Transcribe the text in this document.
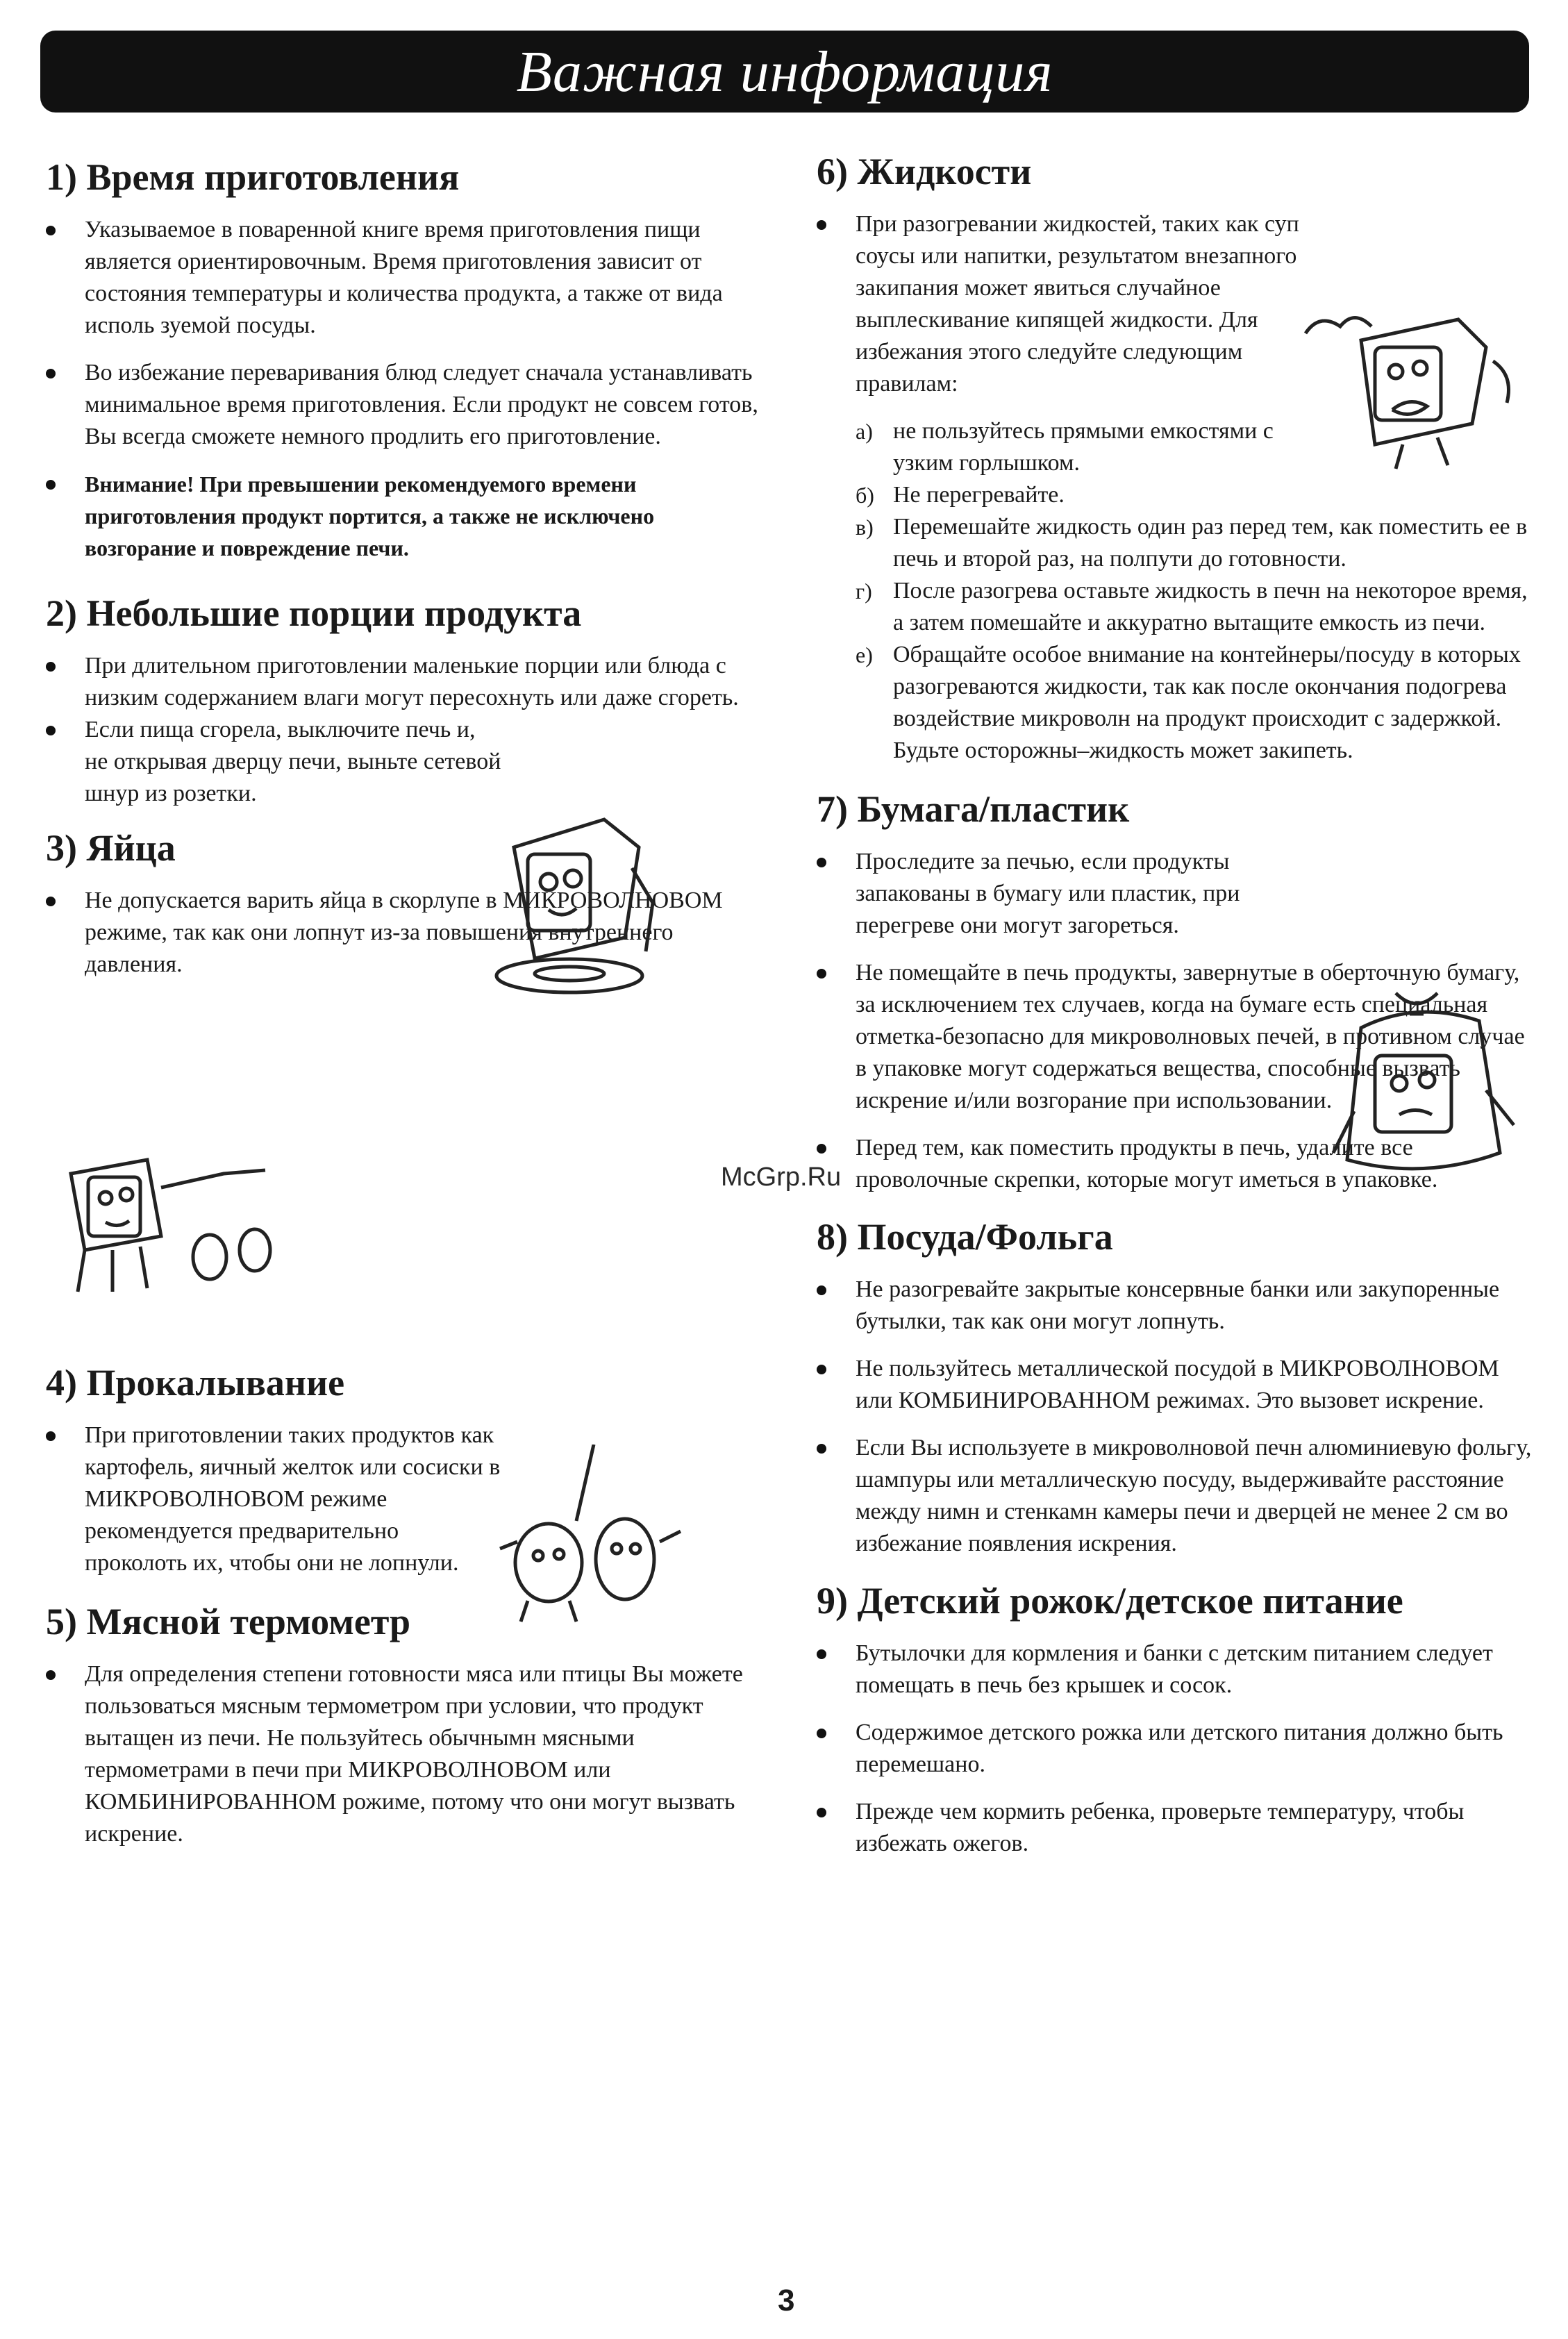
Важная информация
1) Время приготовления
Указываемое в поваренной книге время приготовления пищи является ориентировочным. Время приготовления зависит от состояния температуры и количества продукта, а также от вида исполь зуемой посуды.
Во избежание переваривания блюд следует сначала устанавливать минимальное время приготовления. Если продукт не совсем готов, Вы всегда сможете немного продлить его приготовление.
Внимание! При превышении рекомендуемого времени приготовления продукт портится, а также не исключено возгорание и повреждение печи.
2) Небольшие порции продукта
При длительном приготовлении маленькие порции или блюда с низким содержанием влаги могут пересохнуть или даже сгореть.
Если пища сгорела, выключите печь и, не открывая дверцу печи, выньте сетевой шнур из розетки.
3) Яйца
Не допускается варить яйца в скорлупе в МИКРОВОЛНОВОМ режиме, так как они лопнут из-за повышения внутреннего давления.
4) Прокалывание
При приготовлении таких продуктов как картофель, яичный желток или сосиски в МИКРОВОЛНОВОМ режиме рекомендуется предварительно проколоть их, чтобы они не лопнули.
5) Мясной термометр
Для определения степени готовности мяса или птицы Вы можете пользоваться мясным термометром при условии, что продукт вытащен из печи. Не пользуйтесь обычнымн мясными термометрами в печи при МИКРОВОЛНОВОМ или КОМБИНИРОВАННОМ рожиме, потому что они могут вызвать искрение.
6) Жидкости
При разогревании жидкостей, таких как суп соусы или напитки, результатом внезапного закипания может явиться случайное выплескивание кипящей жидкости. Для избежания этого следуйте следующим правилам:
а) не пользуйтесь прямыми емкостями с узким горлышком.
б) Не перегревайте.
в) Перемешайте жидкость один раз перед тем, как поместить ее в печь и второй раз, на полпути до готовности.
г) После разогрева оставьте жидкость в печн на некоторое время, а затем помешайте и аккуратно вытащите емкость из печи.
е) Обращайте особое внимание на контейнеры/посуду в которых разогреваются жидкости, так как после окончания подогрева воздействие микроволн на продукт происходит с задержкой. Будьте осторожны–жидкость может закипеть.
7) Бумага/пластик
Проследите за печью, если продукты запакованы в бумагу или пластик, при перегреве они могут загореться.
Не помещайте в печь продукты, завернутые в оберточную бумагу, за исключением тех случаев, когда на бумаге есть специальная отметка-безопасно для микроволновых печей, в противном случае в упаковке могут содержаться вещества, способные вызвать искрение и/или возгорание при использовании.
Перед тем, как поместить продукты в печь, удалите все проволочные скрепки, которые могут иметься в упаковке.
8) Посуда/Фольга
Не разогревайте закрытые консервные банки или закупоренные бутылки, так как они могут лопнуть.
Не пользуйтесь металлической посудой в МИКРОВОЛНОВОМ или КОМБИНИРОВАННОМ режимах. Это вызовет искрение.
Если Вы используете в микроволновой печн алюминиевую фольгу, шампуры или металлическую посуду, выдерживайте расстояние между нимн и стенкамн камеры печи и дверцей не менее 2 см во избежание появления искрения.
9) Детский рожок/детское питание
Бутылочки для кормления и банки с детским питанием следует помещать в печь без крышек и сосок.
Содержимое детского рожка или детского питания должно быть перемешано.
Прежде чем кормить ребенка, проверьте температуру, чтобы избежать ожегов.
McGrp.Ru
3
